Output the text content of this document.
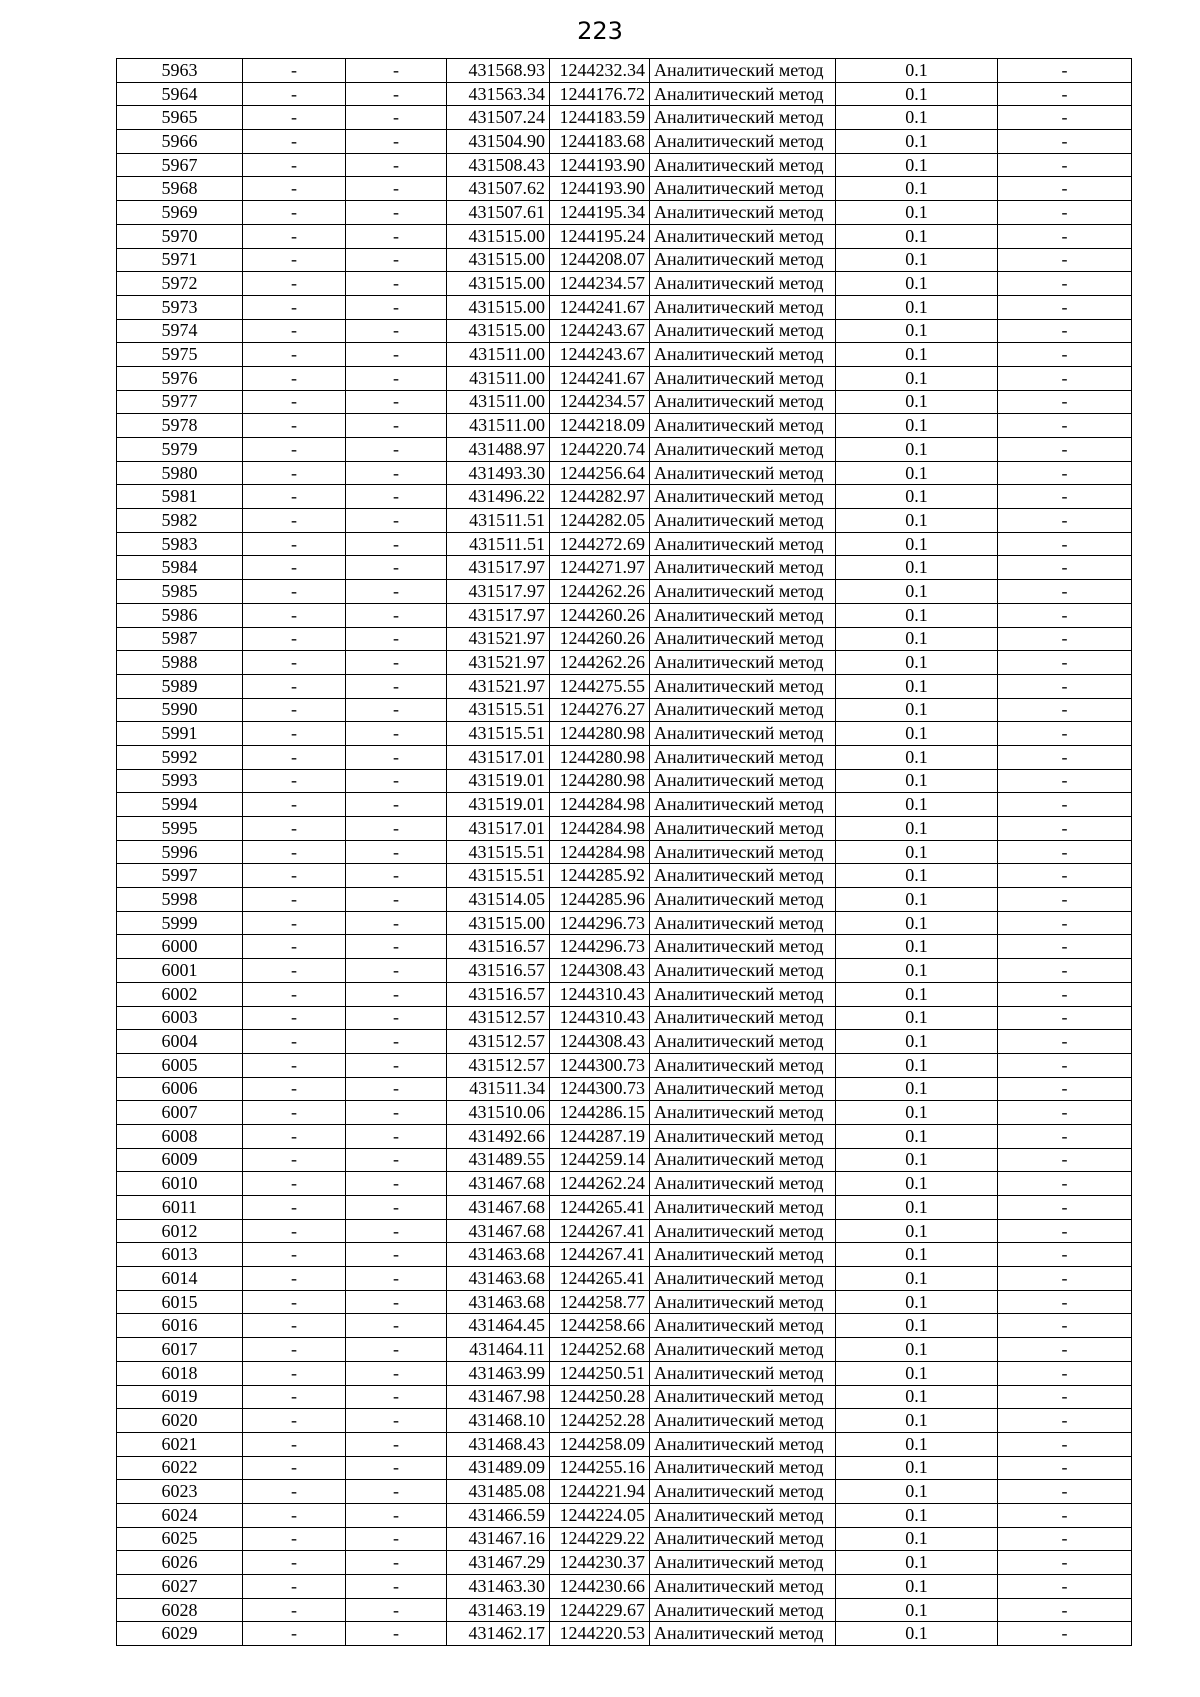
223
5963	-	-	431568.93	1244232.34	Аналитический метод	0.1	-
5964	-	-	431563.34	1244176.72	Аналитический метод	0.1	-
5965	-	-	431507.24	1244183.59	Аналитический метод	0.1	-
5966	-	-	431504.90	1244183.68	Аналитический метод	0.1	-
5967	-	-	431508.43	1244193.90	Аналитический метод	0.1	-
5968	-	-	431507.62	1244193.90	Аналитический метод	0.1	-
5969	-	-	431507.61	1244195.34	Аналитический метод	0.1	-
5970	-	-	431515.00	1244195.24	Аналитический метод	0.1	-
5971	-	-	431515.00	1244208.07	Аналитический метод	0.1	-
5972	-	-	431515.00	1244234.57	Аналитический метод	0.1	-
5973	-	-	431515.00	1244241.67	Аналитический метод	0.1	-
5974	-	-	431515.00	1244243.67	Аналитический метод	0.1	-
5975	-	-	431511.00	1244243.67	Аналитический метод	0.1	-
5976	-	-	431511.00	1244241.67	Аналитический метод	0.1	-
5977	-	-	431511.00	1244234.57	Аналитический метод	0.1	-
5978	-	-	431511.00	1244218.09	Аналитический метод	0.1	-
5979	-	-	431488.97	1244220.74	Аналитический метод	0.1	-
5980	-	-	431493.30	1244256.64	Аналитический метод	0.1	-
5981	-	-	431496.22	1244282.97	Аналитический метод	0.1	-
5982	-	-	431511.51	1244282.05	Аналитический метод	0.1	-
5983	-	-	431511.51	1244272.69	Аналитический метод	0.1	-
5984	-	-	431517.97	1244271.97	Аналитический метод	0.1	-
5985	-	-	431517.97	1244262.26	Аналитический метод	0.1	-
5986	-	-	431517.97	1244260.26	Аналитический метод	0.1	-
5987	-	-	431521.97	1244260.26	Аналитический метод	0.1	-
5988	-	-	431521.97	1244262.26	Аналитический метод	0.1	-
5989	-	-	431521.97	1244275.55	Аналитический метод	0.1	-
5990	-	-	431515.51	1244276.27	Аналитический метод	0.1	-
5991	-	-	431515.51	1244280.98	Аналитический метод	0.1	-
5992	-	-	431517.01	1244280.98	Аналитический метод	0.1	-
5993	-	-	431519.01	1244280.98	Аналитический метод	0.1	-
5994	-	-	431519.01	1244284.98	Аналитический метод	0.1	-
5995	-	-	431517.01	1244284.98	Аналитический метод	0.1	-
5996	-	-	431515.51	1244284.98	Аналитический метод	0.1	-
5997	-	-	431515.51	1244285.92	Аналитический метод	0.1	-
5998	-	-	431514.05	1244285.96	Аналитический метод	0.1	-
5999	-	-	431515.00	1244296.73	Аналитический метод	0.1	-
6000	-	-	431516.57	1244296.73	Аналитический метод	0.1	-
6001	-	-	431516.57	1244308.43	Аналитический метод	0.1	-
6002	-	-	431516.57	1244310.43	Аналитический метод	0.1	-
6003	-	-	431512.57	1244310.43	Аналитический метод	0.1	-
6004	-	-	431512.57	1244308.43	Аналитический метод	0.1	-
6005	-	-	431512.57	1244300.73	Аналитический метод	0.1	-
6006	-	-	431511.34	1244300.73	Аналитический метод	0.1	-
6007	-	-	431510.06	1244286.15	Аналитический метод	0.1	-
6008	-	-	431492.66	1244287.19	Аналитический метод	0.1	-
6009	-	-	431489.55	1244259.14	Аналитический метод	0.1	-
6010	-	-	431467.68	1244262.24	Аналитический метод	0.1	-
6011	-	-	431467.68	1244265.41	Аналитический метод	0.1	-
6012	-	-	431467.68	1244267.41	Аналитический метод	0.1	-
6013	-	-	431463.68	1244267.41	Аналитический метод	0.1	-
6014	-	-	431463.68	1244265.41	Аналитический метод	0.1	-
6015	-	-	431463.68	1244258.77	Аналитический метод	0.1	-
6016	-	-	431464.45	1244258.66	Аналитический метод	0.1	-
6017	-	-	431464.11	1244252.68	Аналитический метод	0.1	-
6018	-	-	431463.99	1244250.51	Аналитический метод	0.1	-
6019	-	-	431467.98	1244250.28	Аналитический метод	0.1	-
6020	-	-	431468.10	1244252.28	Аналитический метод	0.1	-
6021	-	-	431468.43	1244258.09	Аналитический метод	0.1	-
6022	-	-	431489.09	1244255.16	Аналитический метод	0.1	-
6023	-	-	431485.08	1244221.94	Аналитический метод	0.1	-
6024	-	-	431466.59	1244224.05	Аналитический метод	0.1	-
6025	-	-	431467.16	1244229.22	Аналитический метод	0.1	-
6026	-	-	431467.29	1244230.37	Аналитический метод	0.1	-
6027	-	-	431463.30	1244230.66	Аналитический метод	0.1	-
6028	-	-	431463.19	1244229.67	Аналитический метод	0.1	-
6029	-	-	431462.17	1244220.53	Аналитический метод	0.1	-
